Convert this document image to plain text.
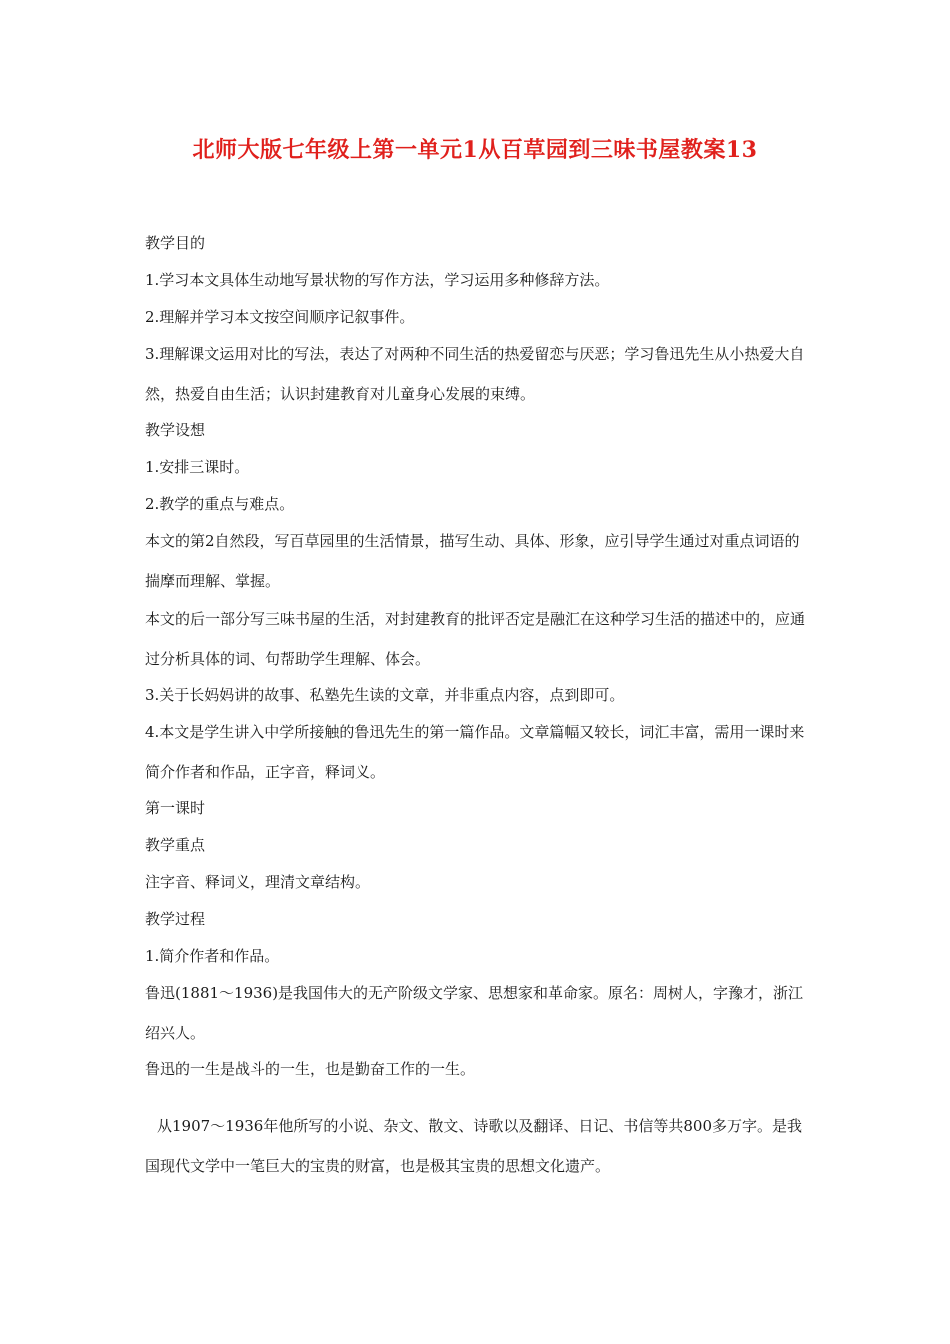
北师大版七年级上第一单元1从百草园到三味书屋教案13

教学目的

1.学习本文具体生动地写景状物的写作方法，学习运用多种修辞方法。

2.理解并学习本文按空间顺序记叙事件。

3.理解课文运用对比的写法，表达了对两种不同生活的热爱留恋与厌恶；学习鲁迅先生从小热爱大自然，热爱自由生活；认识封建教育对儿童身心发展的束缚。

教学设想

1.安排三课时。

2.教学的重点与难点。

本文的第2自然段，写百草园里的生活情景，描写生动、具体、形象，应引导学生通过对重点词语的揣摩而理解、掌握。

本文的后一部分写三味书屋的生活，对封建教育的批评否定是融汇在这种学习生活的描述中的，应通过分析具体的词、句帮助学生理解、体会。

3.关于长妈妈讲的故事、私塾先生读的文章，并非重点内容，点到即可。

4.本文是学生讲入中学所接触的鲁迅先生的第一篇作品。文章篇幅又较长，词汇丰富，需用一课时来简介作者和作品，正字音，释词义。

第一课时

教学重点

注字音、释词义，理清文章结构。

教学过程

1.简介作者和作品。

鲁迅(1881～1936)是我国伟大的无产阶级文学家、思想家和革命家。原名：周树人，字豫才，浙江绍兴人。

鲁迅的一生是战斗的一生，也是勤奋工作的一生。

从1907～1936年他所写的小说、杂文、散文、诗歌以及翻译、日记、书信等共800多万字。是我国现代文学中一笔巨大的宝贵的财富，也是极其宝贵的思想文化遗产。
